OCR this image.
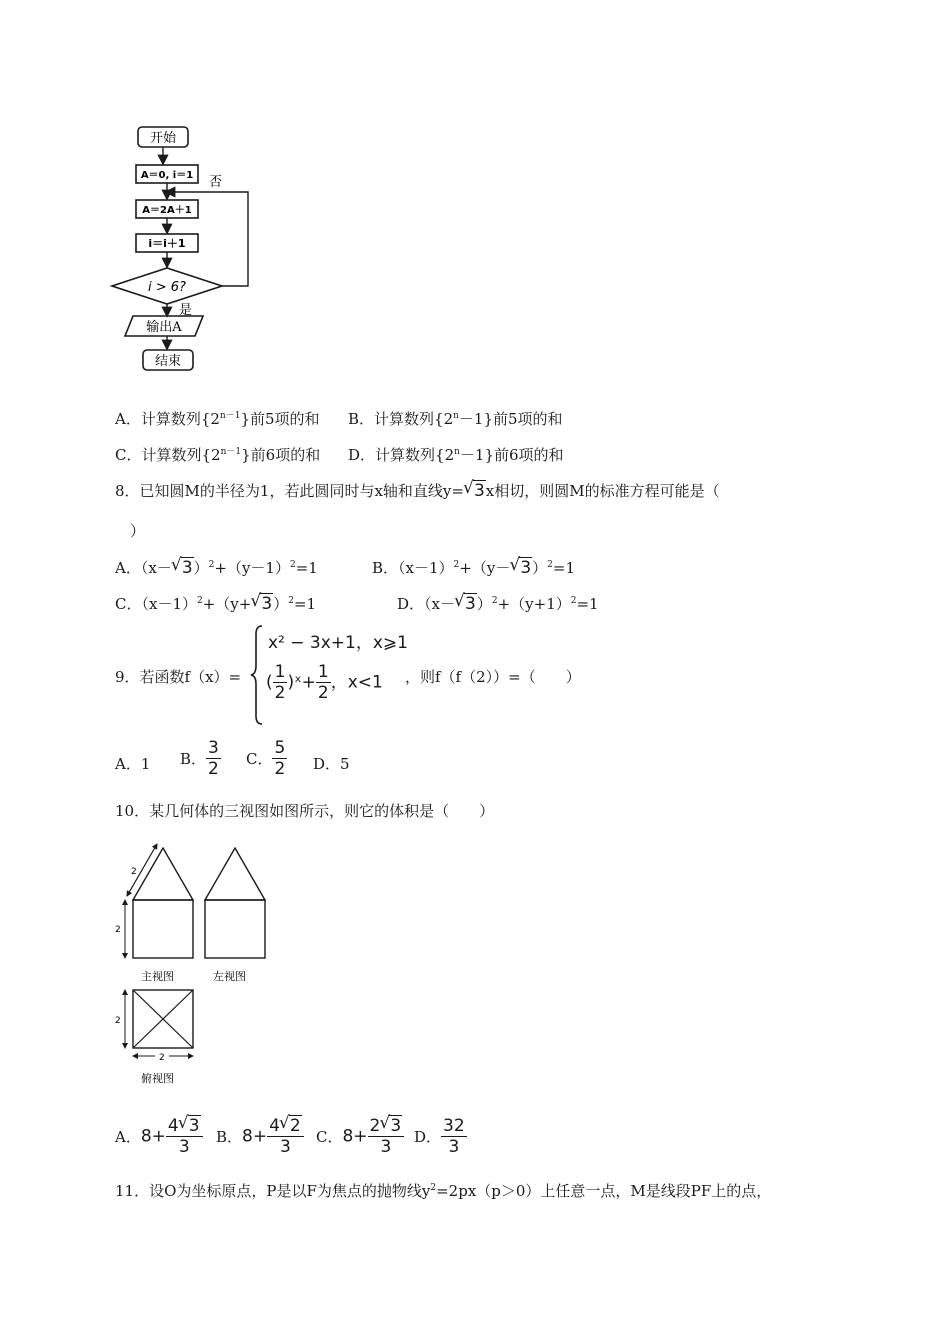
开始
A＝0, i＝1
A＝2A＋1
i＝i＋1
i > 6?
否
是
输出A
结束
A．计算数列$\{2^{n-1}\}$前5项的和 B．计算数列$\{2^n-1\}$前5项的和
C．计算数列$\{2^{n-1}\}$前6项的和 D．计算数列$\{2^n-1\}$前6项的和
8．已知圆M的半径为1，若此圆同时与x轴和直线y=√ 3x相切，则圆M的标准方程可能是（
）
A．（x－√ $3)^2+(y-1)^2=1$	B．$(x-1)^2+(y-√$ 3）$^2$=1
C．$(x-1)^2+(y+√$ 3）$^2$=1	D．（x－√ $3)^2+(y+1)^2=1$
9．若函数f（x）=
x² − 3x+1，x⩾1
( $\frac{1}{2}$ )ˣ+ $\frac{1}{2}$ ，x<1 ，则f（f（2））=（　　）
A．1 B． $\frac{3}{2}$ C． $\frac{5}{2}$ D．5
10．某几何体的三视图如图所示，则它的体积是（　　）
2
2
主视图	左视图
2
2
俯视图
A．$8+ \frac{4√ 3}{3}$ B．$8+ \frac{4√ 2}{3}$ C．$8+ \frac{2√ 3}{3}$ D． $\frac{32}{3}$
11．设O为坐标原点，P是以F为焦点的抛物线$y^2=2px(p>0)$上任意一点，M是线段PF上的点，
